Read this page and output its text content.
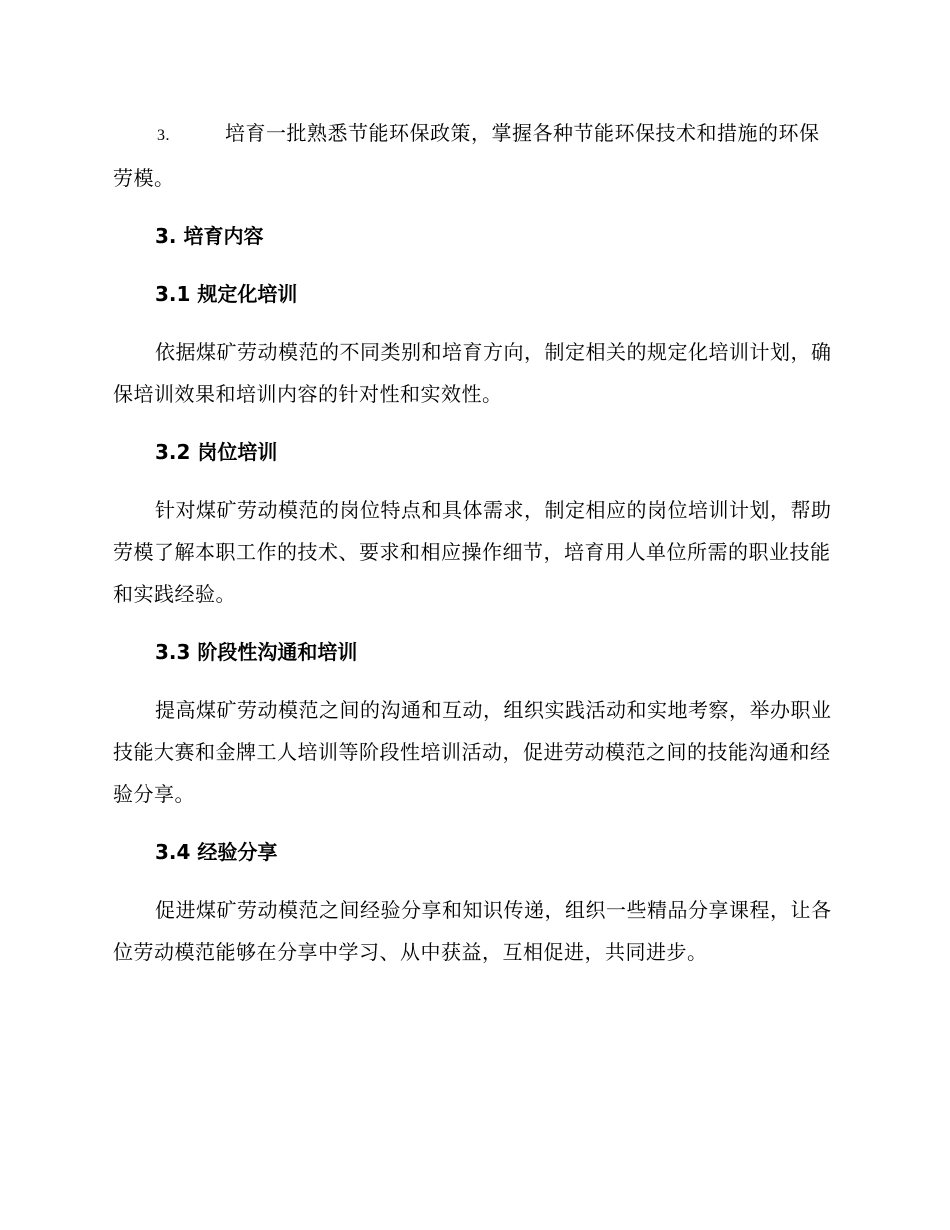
3.	培育一批熟悉节能环保政策，掌握各种节能环保技术和措施的环保劳模。

3. 培育内容
3.1 规定化培训

依据煤矿劳动模范的不同类别和培育方向，制定相关的规定化培训计划，确保培训效果和培训内容的针对性和实效性。

3.2 岗位培训

针对煤矿劳动模范的岗位特点和具体需求，制定相应的岗位培训计划，帮助劳模了解本职工作的技术、要求和相应操作细节，培育用人单位所需的职业技能和实践经验。

3.3 阶段性沟通和培训

提高煤矿劳动模范之间的沟通和互动，组织实践活动和实地考察，举办职业技能大赛和金牌工人培训等阶段性培训活动，促进劳动模范之间的技能沟通和经验分享。

3.4 经验分享

促进煤矿劳动模范之间经验分享和知识传递，组织一些精品分享课程，让各位劳动模范能够在分享中学习、从中获益，互相促进，共同进步。
